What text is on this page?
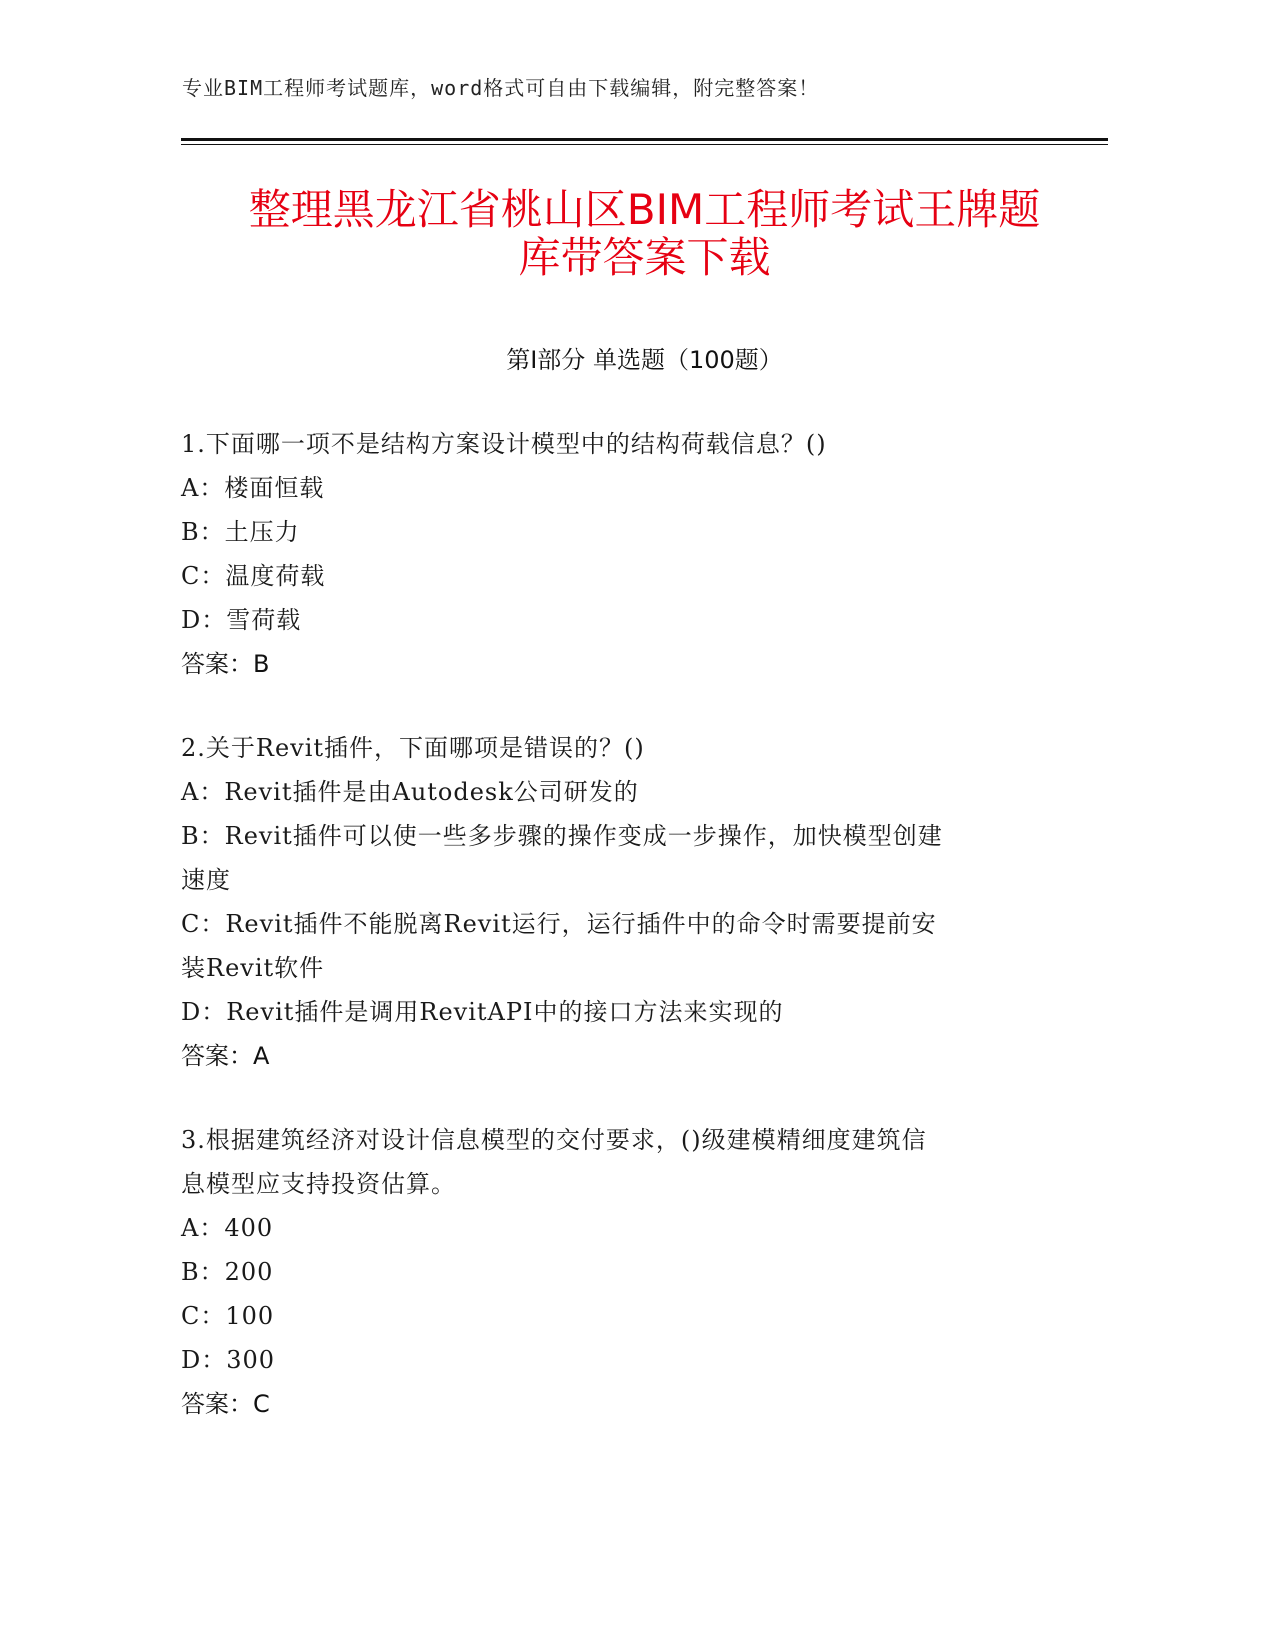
专业BIM工程师考试题库，word格式可自由下载编辑，附完整答案！
整理黑龙江省桃山区BIM工程师考试王牌题
库带答案下载
第Ⅰ部分 单选题（100题）
1.下面哪一项不是结构方案设计模型中的结构荷载信息？()
A：楼面恒载
B：土压力
C：温度荷载
D：雪荷载
答案：B
2.关于Revit插件，下面哪项是错误的？()
A：Revit插件是由Autodesk公司研发的
B：Revit插件可以使一些多步骤的操作变成一步操作，加快模型创建
速度
C：Revit插件不能脱离Revit运行，运行插件中的命令时需要提前安
装Revit软件
D：Revit插件是调用RevitAPI中的接口方法来实现的
答案：A
3.根据建筑经济对设计信息模型的交付要求，()级建模精细度建筑信
息模型应支持投资估算。
A：400
B：200
C：100
D：300
答案：C
